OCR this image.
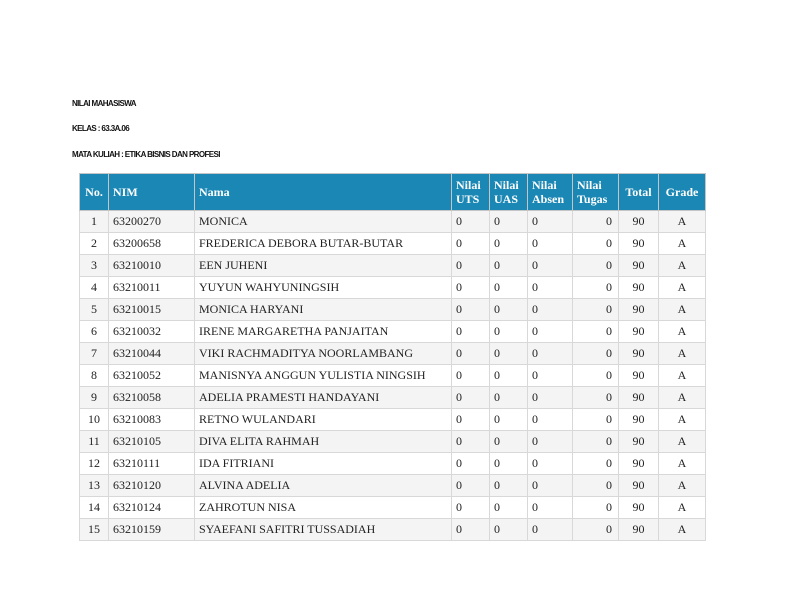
NILAI MAHASISWA
KELAS : 63.3A.06
MATA KULIAH : ETIKA BISNIS DAN PROFESI
No.	NIM	Nama	Nilai UTS	Nilai UAS	Nilai Absen	Nilai Tugas	Total	Grade
1	63200270	MONICA	0	0	0	0	90	A
2	63200658	FREDERICA DEBORA BUTAR-BUTAR	0	0	0	0	90	A
3	63210010	EEN JUHENI	0	0	0	0	90	A
4	63210011	YUYUN WAHYUNINGSIH	0	0	0	0	90	A
5	63210015	MONICA HARYANI	0	0	0	0	90	A
6	63210032	IRENE MARGARETHA PANJAITAN	0	0	0	0	90	A
7	63210044	VIKI RACHMADITYA NOORLAMBANG	0	0	0	0	90	A
8	63210052	MANISNYA ANGGUN YULISTIA NINGSIH	0	0	0	0	90	A
9	63210058	ADELIA PRAMESTI HANDAYANI	0	0	0	0	90	A
10	63210083	RETNO WULANDARI	0	0	0	0	90	A
11	63210105	DIVA ELITA RAHMAH	0	0	0	0	90	A
12	63210111	IDA FITRIANI	0	0	0	0	90	A
13	63210120	ALVINA ADELIA	0	0	0	0	90	A
14	63210124	ZAHROTUN NISA	0	0	0	0	90	A
15	63210159	SYAEFANI SAFITRI TUSSADIAH	0	0	0	0	90	A
